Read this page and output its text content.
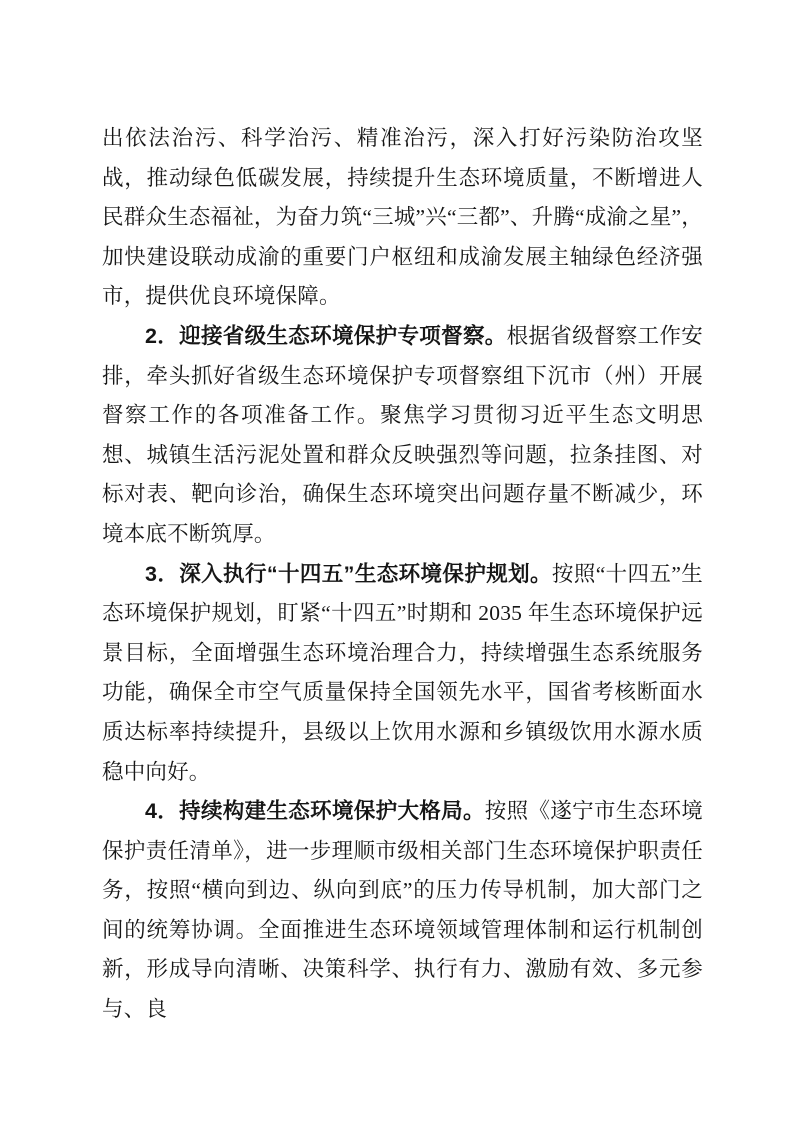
出依法治污、科学治污、精准治污，深入打好污染防治攻坚战，推动绿色低碳发展，持续提升生态环境质量，不断增进人民群众生态福祉，为奋力筑“三城”兴“三都”、升腾“成渝之星”，加快建设联动成渝的重要门户枢纽和成渝发展主轴绿色经济强市，提供优良环境保障。

2．迎接省级生态环境保护专项督察。根据省级督察工作安排，牵头抓好省级生态环境保护专项督察组下沉市（州）开展督察工作的各项准备工作。聚焦学习贯彻习近平生态文明思想、城镇生活污泥处置和群众反映强烈等问题，拉条挂图、对标对表、靶向诊治，确保生态环境突出问题存量不断减少，环境本底不断筑厚。

3．深入执行“十四五”生态环境保护规划。按照“十四五”生态环境保护规划，盯紧“十四五”时期和 2035 年生态环境保护远景目标，全面增强生态环境治理合力，持续增强生态系统服务功能，确保全市空气质量保持全国领先水平，国省考核断面水质达标率持续提升，县级以上饮用水源和乡镇级饮用水源水质稳中向好。

4．持续构建生态环境保护大格局。按照《遂宁市生态环境保护责任清单》，进一步理顺市级相关部门生态环境保护职责任务，按照“横向到边、纵向到底”的压力传导机制，加大部门之间的统筹协调。全面推进生态环境领域管理体制和运行机制创新，形成导向清晰、决策科学、执行有力、激励有效、多元参与、良
